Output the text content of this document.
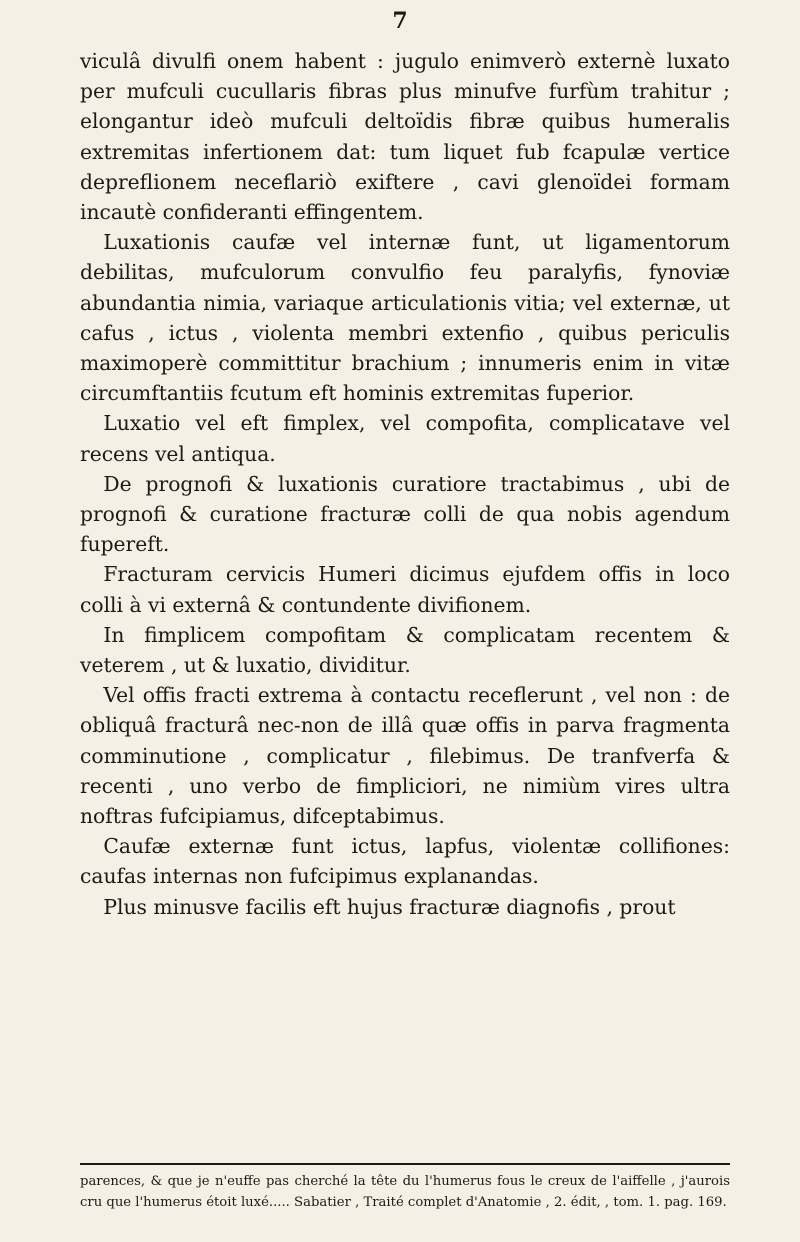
7

viculâ divulfi onem habent : jugulo enimverò externè luxato per mufculi cucullaris fibras plus minufve furfùm trahitur ; elongantur ideò mufculi deltoïdis fibræ quibus humeralis extremitas infertionem dat: tum liquet fub fcapulæ vertice depreflionem neceflariò exiftere , cavi glenoïdei formam incautè confideranti effingentem.

Luxationis caufæ vel internæ funt, ut ligamentorum debilitas, mufculorum convulfio feu paralyfis, fynoviæ abundantia nimia, variaque articulationis vitia; vel externæ, ut cafus , ictus , violenta membri extenfio , quibus periculis maximoperè committitur brachium ; innumeris enim in vitæ circumftantiis fcutum eft hominis extremitas fuperior.

Luxatio vel eft fimplex, vel compofita, complicatave vel recens vel antiqua.

De prognofi & luxationis curatiore tractabimus , ubi de prognofi & curatione fracturæ colli de qua nobis agendum fupereft.

Fracturam cervicis Humeri dicimus ejufdem offis in loco colli à vi externâ & contundente divifionem.

In fimplicem compofitam & complicatam recentem & veterem , ut & luxatio, dividitur.

Vel offis fracti extrema à contactu receflerunt , vel non : de obliquâ fracturâ nec-non de illâ quæ offis in parva fragmenta comminutione , complicatur , filebimus. De tranfverfa & recenti , uno verbo de fimpliciori, ne nimiùm vires ultra noftras fufcipiamus, difceptabimus.

Caufæ externæ funt ictus, lapfus, violentæ collifiones: caufas internas non fufcipimus explanandas.

Plus minusve facilis eft hujus fracturæ diagnofis , prout

parences, & que je n'euffe pas cherché la tête du l'humerus fous le creux de l'aiffelle , j'aurois cru que l'humerus étoit luxé..... Sabatier , Traité complet d'Anatomie , 2. édit, , tom. 1. pag. 169.
